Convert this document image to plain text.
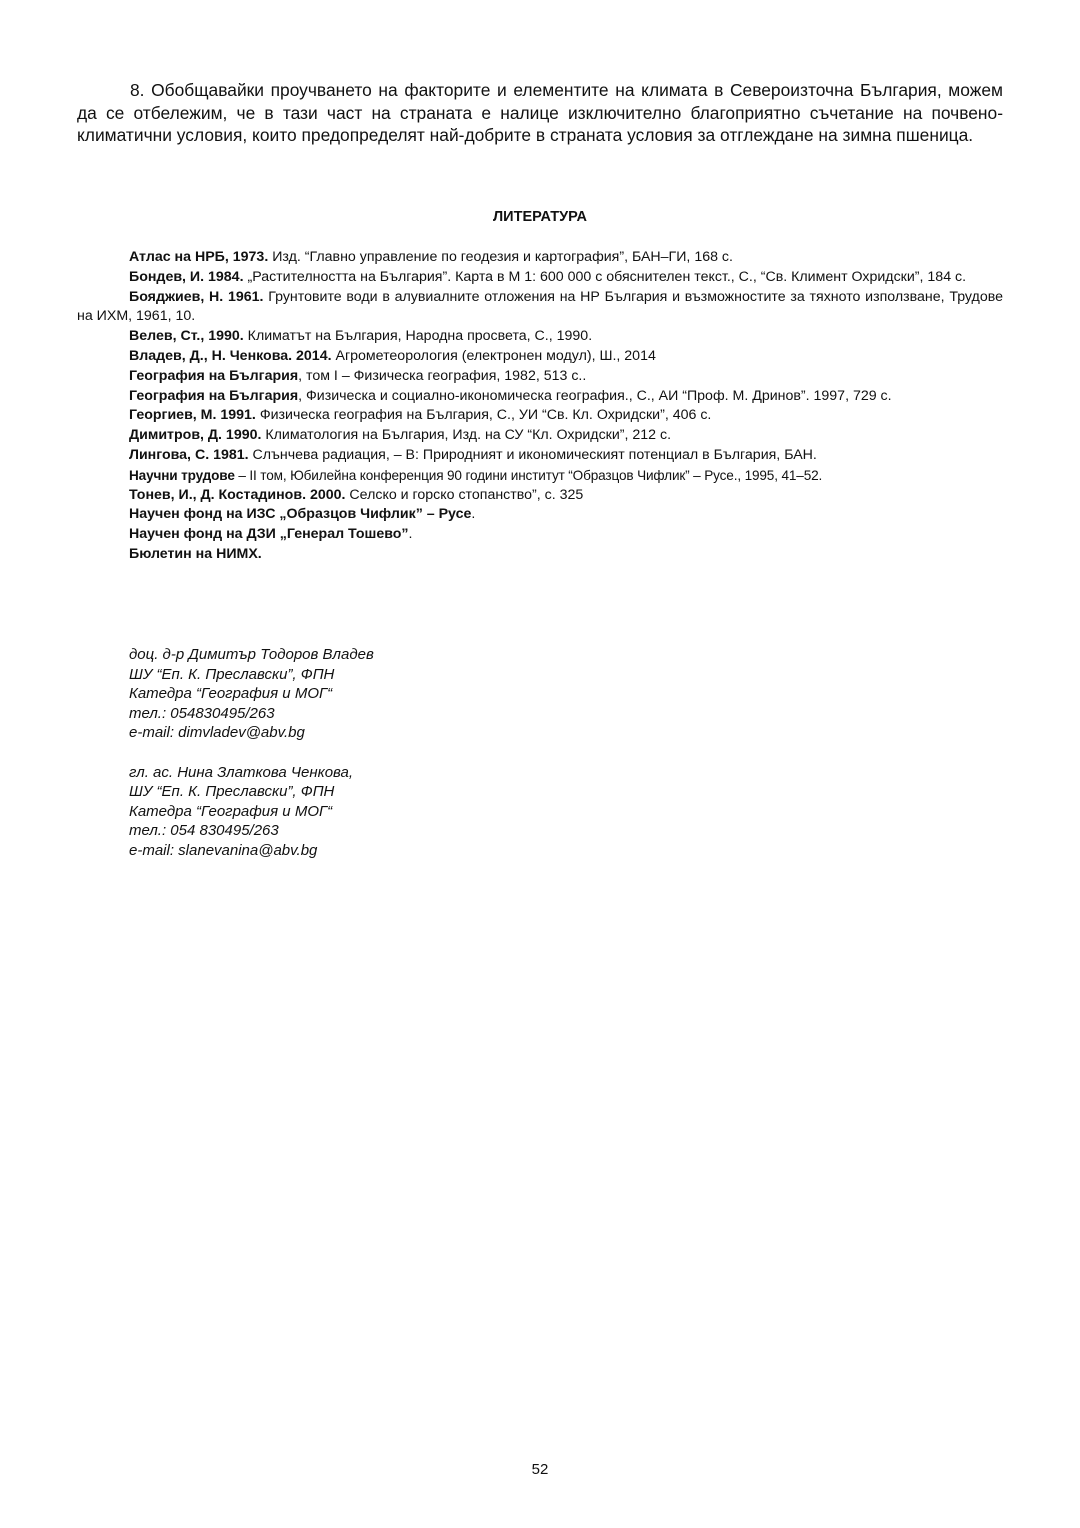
8. Обобщавайки проучването на факторите и елементите на климата в Североизточна България, можем да се отбележим, че в тази част на страната е налице изключително благоприятно съчетание на почвено-климатични условия, които предопределят най-добрите в страната условия за отглеждане на зимна пшеница.

ЛИТЕРАТУРА
Атлас на НРБ, 1973. Изд. “Главно управление по геодезия и картография”, БАН–ГИ, 168 с.
Бондев, И. 1984. „Растителността на България”. Карта в М 1: 600 000 с обяснителен текст., С., “Св. Климент Охридски”, 184 с.
Бояджиев, Н. 1961. Грунтовите води в алувиалните отложения на НР България и възможностите за тяхното използване, Трудове на ИХМ, 1961, 10.
Велев, Ст., 1990. Климатът на България, Народна просвета, С., 1990.
Владев, Д., Н. Ченкова. 2014. Агрометеорология (електронен модул), Ш., 2014
География на България, том I – Физическа география, 1982, 513 с..
География на България, Физическа и социално-икономическа география., С., АИ “Проф. М. Дринов”. 1997, 729 с.
Георгиев, М. 1991. Физическа география на България, С., УИ “Св. Кл. Охридски”, 406 с.
Димитров, Д. 1990. Климатология на България, Изд. на СУ “Кл. Охридски”, 212 с.
Лингова, С. 1981. Слънчева радиация, – В: Природният и икономическият потенциал в България, БАН.
Научни трудове – II том, Юбилейна конференция 90 години институт “Образцов Чифлик” – Русе., 1995, 41–52.
Тонев, И., Д. Костадинов. 2000. Селско и горско стопанство”, с. 325
Научен фонд на ИЗС „Образцов Чифлик” – Русе.
Научен фонд на ДЗИ „Генерал Тошево”.
Бюлетин на НИМХ.
доц. д-р Димитър Тодоров Владев
ШУ “Еп. К. Преславски”, ФПН
Катедра “География и МОГ“
тел.: 054830495/263
e-mail: dimvladev@abv.bg
гл. ас. Нина Златкова Ченкова,
ШУ “Еп. К. Преславски”, ФПН
Катедра “География и МОГ“
тел.: 054 830495/263
e-mail: slanevanina@abv.bg
52
